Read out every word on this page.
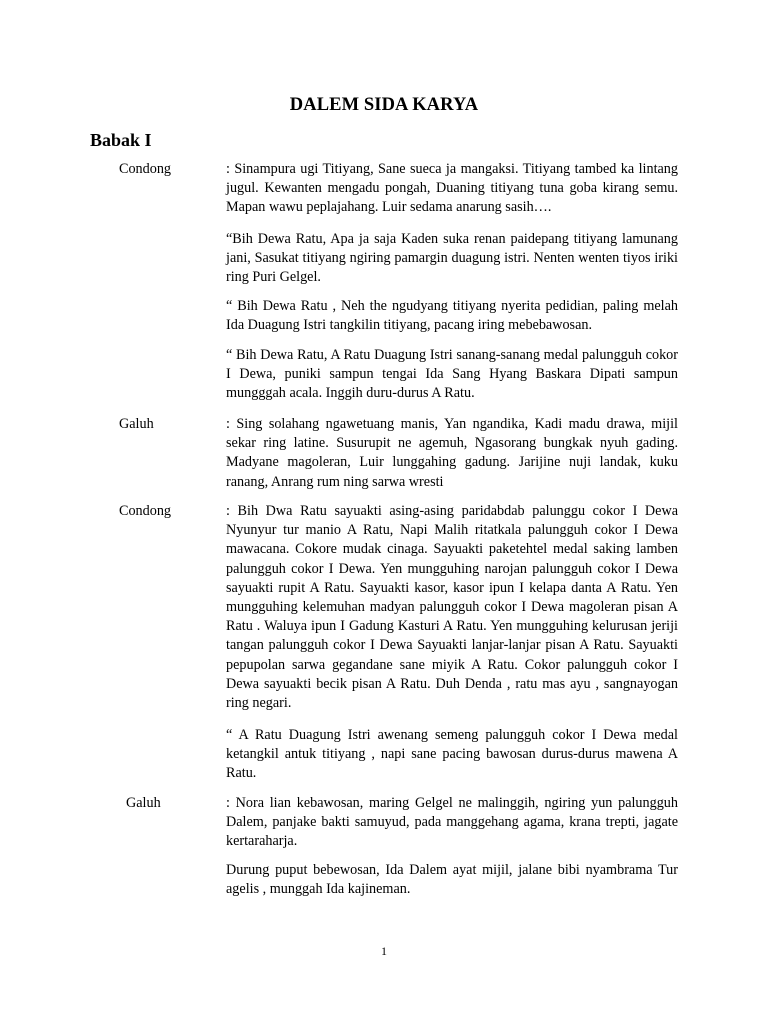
DALEM SIDA KARYA
Babak I
Condong	: Sinampura ugi Titiyang, Sane sueca ja mangaksi. Titiyang tambed ka lintang jugul. Kewanten mengadu pongah, Duaning titiyang tuna goba kirang semu. Mapan wawu peplajahang. Luir sedama anarung sasih….

“Bih Dewa Ratu, Apa ja saja Kaden suka renan paidepang titiyang lamunang jani, Sasukat titiyang ngiring pamargin duagung istri. Nenten wenten tiyos iriki ring Puri Gelgel.

“ Bih Dewa Ratu , Neh the ngudyang titiyang nyerita pedidian, paling melah Ida Duagung Istri tangkilin titiyang, pacang iring mebebawosan.

“ Bih Dewa Ratu, A Ratu Duagung Istri sanang-sanang medal palungguh cokor I Dewa, puniki sampun tengai Ida Sang Hyang Baskara Dipati sampun mungggah acala. Inggih duru-durus A Ratu.

Galuh	: Sing solahang ngawetuang manis, Yan ngandika, Kadi madu drawa, mijil sekar ring latine. Susurupit ne agemuh, Ngasorang bungkak nyuh gading. Madyane magoleran, Luir lunggahing gadung. Jarijine nuji landak, kuku ranang, Anrang rum ning sarwa wresti

Condong	: Bih Dwa Ratu sayuakti asing-asing paridabdab palunggu cokor I Dewa Nyunyur tur manio A Ratu, Napi Malih ritatkala palungguh cokor I Dewa mawacana. Cokore mudak cinaga. Sayuakti paketehtel medal saking lamben palungguh cokor I Dewa. Yen mungguhing narojan palungguh cokor I Dewa sayuakti rupit A Ratu. Sayuakti kasor, kasor ipun I kelapa danta A Ratu. Yen mungguhing kelemuhan madyan palungguh cokor I Dewa magoleran pisan A Ratu . Waluya ipun I Gadung Kasturi A Ratu. Yen mungguhing kelurusan jeriji tangan palungguh cokor I Dewa Sayuakti lanjar-lanjar pisan A Ratu. Sayuakti pepupolan sarwa gegandane sane miyik A Ratu. Cokor palungguh cokor I Dewa sayuakti becik pisan A Ratu. Duh Denda , ratu mas ayu , sangnayogan ring negari.

“ A Ratu Duagung Istri awenang semeng palungguh cokor I Dewa medal ketangkil antuk titiyang , napi sane pacing bawosan durus-durus mawena A Ratu.

Galuh	: Nora lian kebawosan, maring Gelgel ne malinggih, ngiring yun palungguh Dalem, panjake bakti samuyud, pada manggehang agama, krana trepti, jagate kertaraharja.

Durung puput bebewosan, Ida Dalem ayat mijil, jalane bibi nyambrama Tur agelis , munggah Ida kajineman.

1
